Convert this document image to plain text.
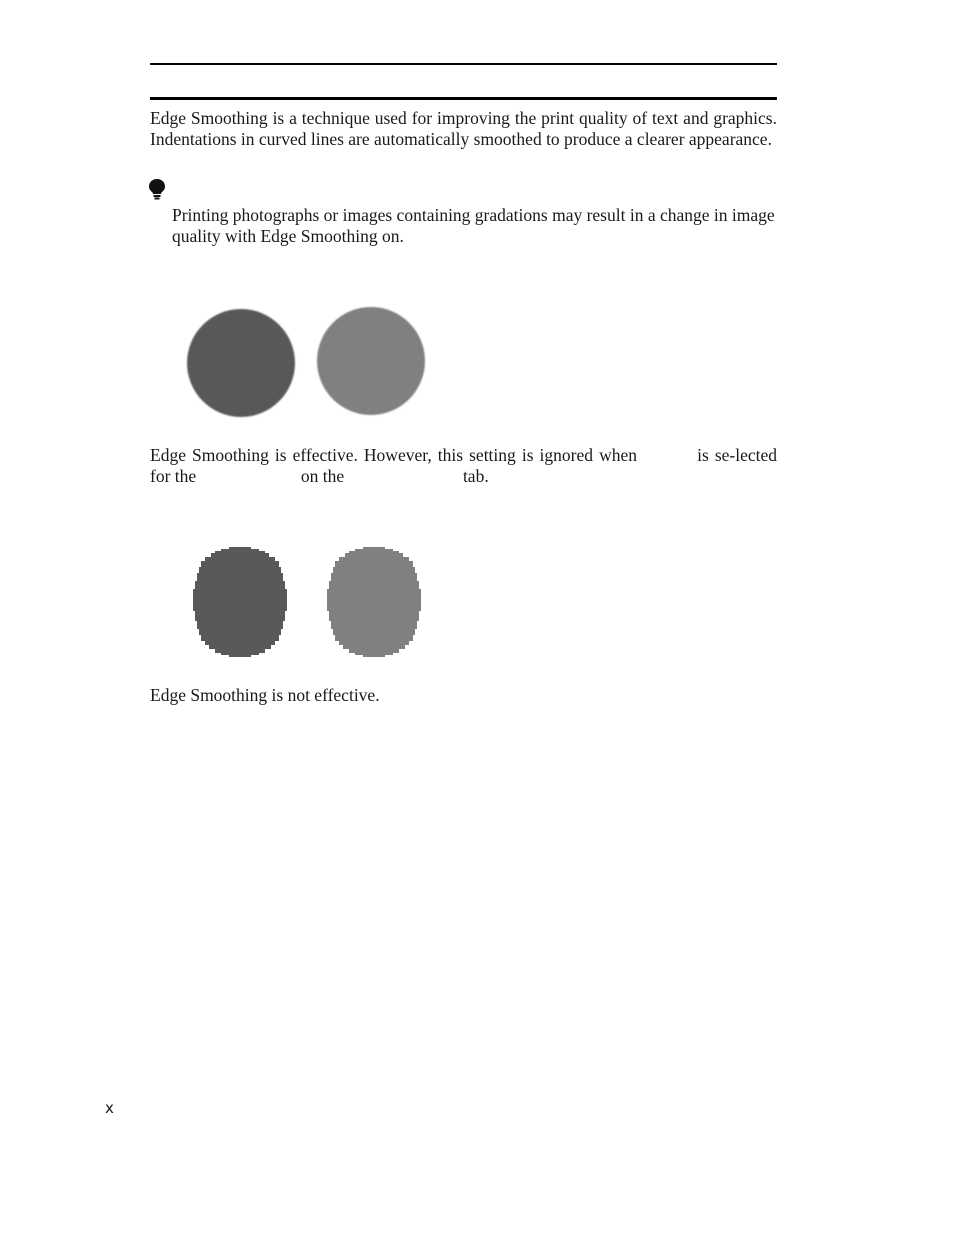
Edge Smoothing is a technique used for improving the print quality of text and graphics. Indentations in curved lines are automatically smoothed to produce a clearer appearance.

Printing photographs or images containing gradations may result in a change in image quality with Edge Smoothing on.

Edge Smoothing is effective. However, this setting is ignored when	is se-lected for the	on the	tab.

Edge Smoothing is not effective.

x
